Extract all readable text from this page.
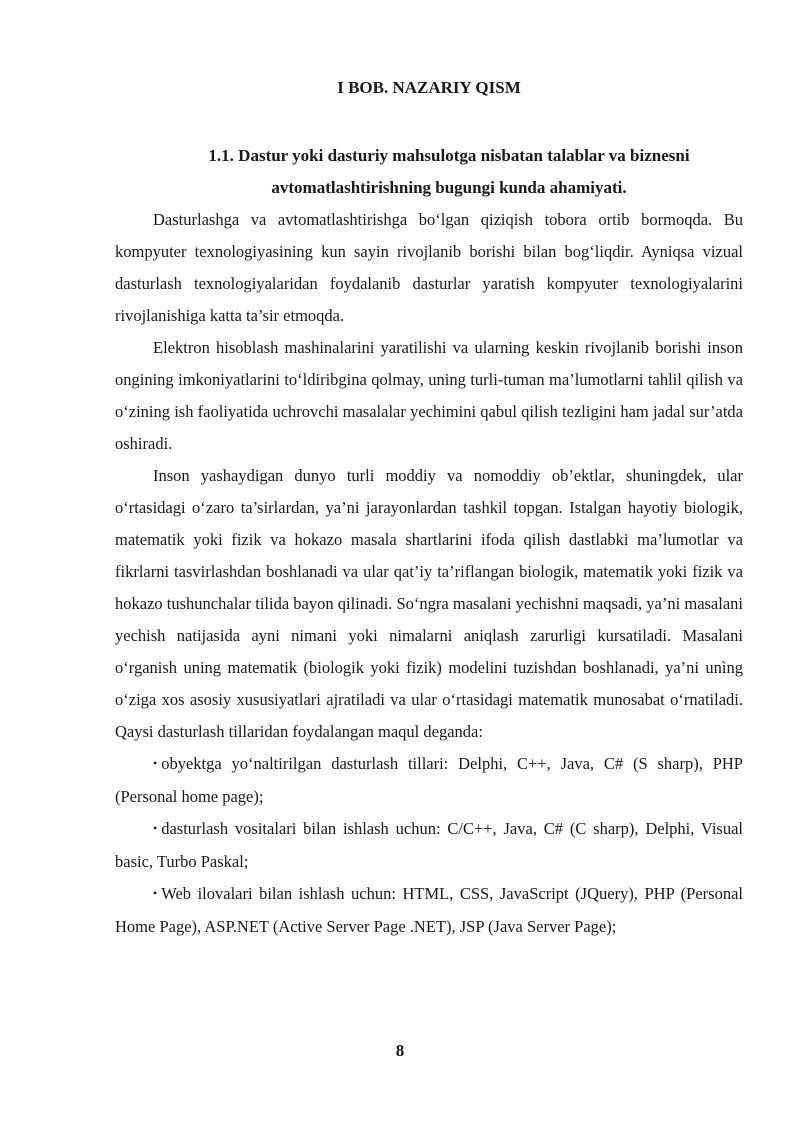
I BOB. NAZARIY QISM
1.1. Dastur yoki dasturiy mahsulotga nisbatan talablar va biznesni
avtomatlashtirishning bugungi kunda ahamiyati.

Dasturlashga va avtomatlashtirishga bo‘lgan qiziqish tobora ortib bormoqda. Bu kompyuter texnologiyasining kun sayin rivojlanib borishi bilan bog‘liqdir. Ayniqsa vizual dasturlash texnologiyalaridan foydalanib dasturlar yaratish kompyuter texnologiyalarini rivojlanishiga katta ta’sir etmoqda.

Elektron hisoblash mashinalarini yaratilishi va ularning keskin rivojlanib borishi inson ongining imkoniyatlarini to‘ldiribgina qolmay, uning turli-tuman ma’lumotlarni tahlil qilish va o‘zining ish faoliyatida uchrovchi masalalar yechimini qabul qilish tezligini ham jadal sur’atda oshiradi.

Inson yashaydigan dunyo turli moddiy va nomoddiy ob’ektlar, shuningdek, ular o‘rtasidagi o‘zaro ta’sirlardan, ya’ni jarayonlardan tashkil topgan. Istalgan hayotiy biologik, matematik yoki fizik va hokazo masala shartlarini ifoda qilish dastlabki ma’lumotlar va fikrlarni tasvirlashdan boshlanadi va ular qat’iy ta’riflangan biologik, matematik yoki fizik va hokazo tushunchalar tilida bayon qilinadi. So‘ngra masalani yechishni maqsadi, ya’ni masalani yechish natijasida ayni nimani yoki nimalarni aniqlash zarurligi kursatiladi. Masalani o‘rganish uning matematik (biologik yoki fizik) modelini tuzishdan boshlanadi, ya’ni unìng o‘ziga xos asosiy xususiyatlari ajratiladi va ular o‘rtasidagi matematik munosabat o‘rnatiladi. Qaysi dasturlash tillaridan foydalangan maqul deganda:

• obyektga yo‘naltirilgan dasturlash tillari: Delphi, C++, Java, C# (S sharp), PHP (Personal home page);

• dasturlash vositalari bilan ishlash uchun: C/C++, Java, C# (C sharp), Delphi, Visual basic, Turbo Paskal;

• Web ilovalari bilan ishlash uchun: HTML, CSS, JavaScript (JQuery), PHP (Personal Home Page), ASP.NET (Active Server Page .NET), JSP (Java Server Page);

8
